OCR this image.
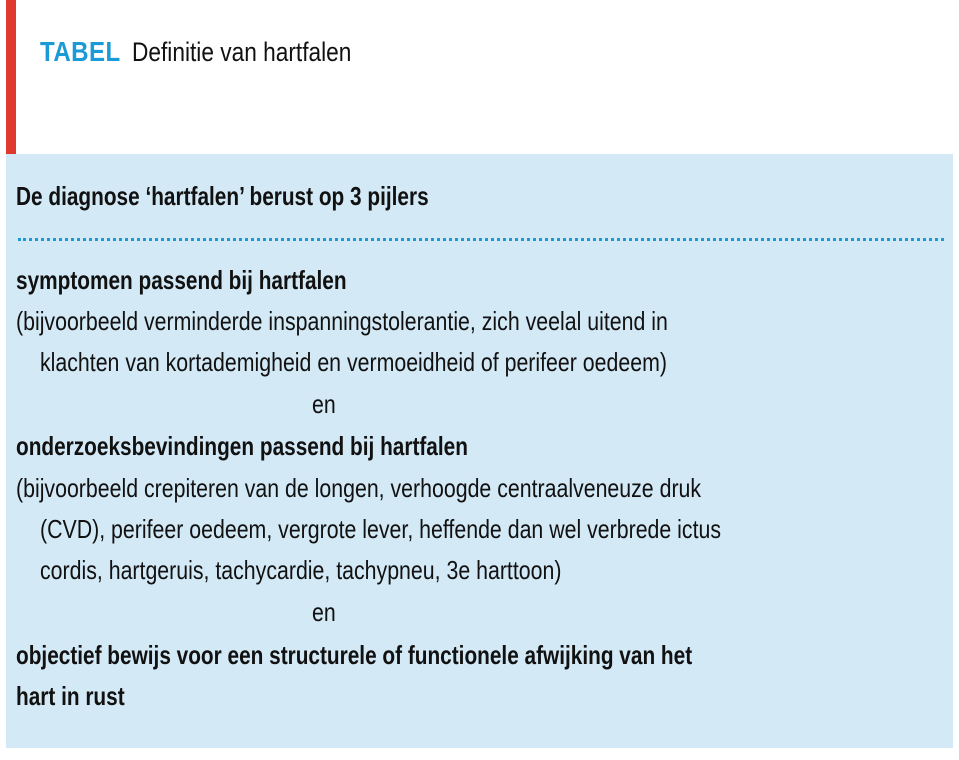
TABEL Definitie van hartfalen
De diagnose ‘hartfalen’ berust op 3 pijlers
symptomen passend bij hartfalen
(bijvoorbeeld verminderde inspanningstolerantie, zich veelal uitend in
klachten van kortademigheid en vermoeidheid of perifeer oedeem)
en
onderzoeksbevindingen passend bij hartfalen
(bijvoorbeeld crepiteren van de longen, verhoogde centraalveneuze druk
(CVD), perifeer oedeem, vergrote lever, heffende dan wel verbrede ictus
cordis, hartgeruis, tachycardie, tachypneu, 3e harttoon)
en
objectief bewijs voor een structurele of functionele afwijking van het
hart in rust
